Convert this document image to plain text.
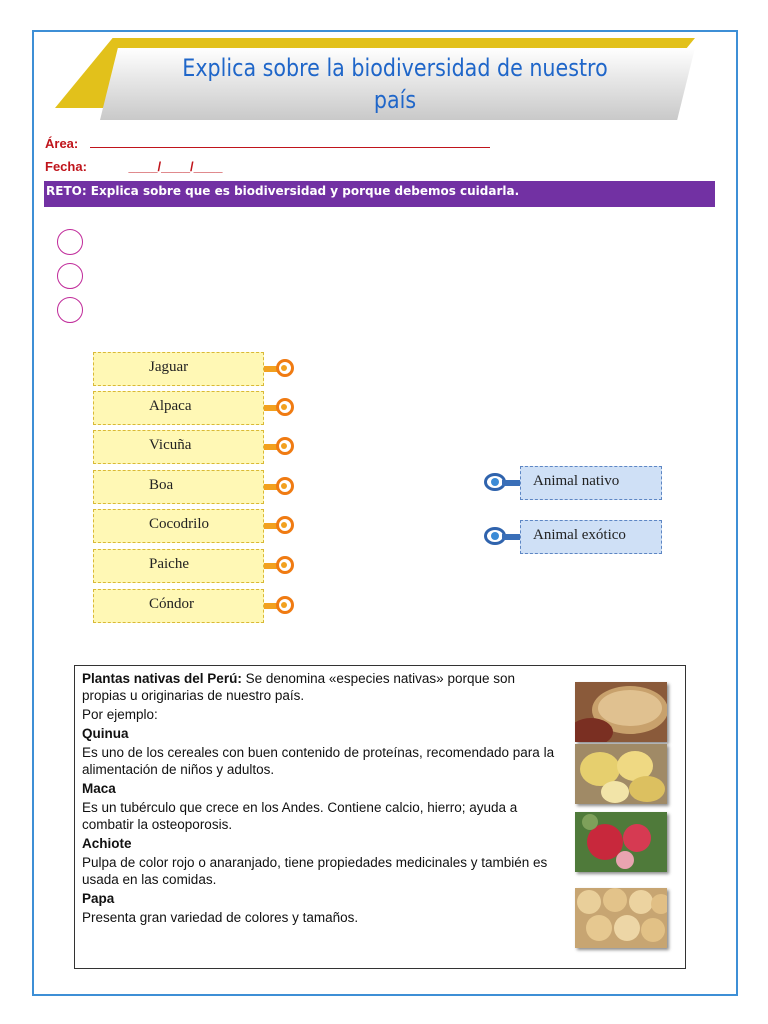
Explica sobre la biodiversidad de nuestro
país
Área:
Fecha:	____/____/____
RETO: Explica sobre que es biodiversidad y porque debemos cuidarla.
Jaguar
Alpaca
Vicuña
Boa
Cocodrilo
Paiche
Cóndor
Animal nativo
Animal exótico

Plantas nativas del Perú: Se denomina «especies nativas» porque son propias u originarias de nuestro país.

Por ejemplo:

Quinua

Es uno de los cereales con buen contenido de proteínas, recomendado para la alimentación de niños y adultos.

Maca

Es un tubérculo que crece en los Andes. Contiene calcio, hierro; ayuda a combatir la osteoporosis.

Achiote

Pulpa de color rojo o anaranjado, tiene propiedades medicinales y también es usada en las comidas.

Papa

Presenta gran variedad de colores y tamaños.
